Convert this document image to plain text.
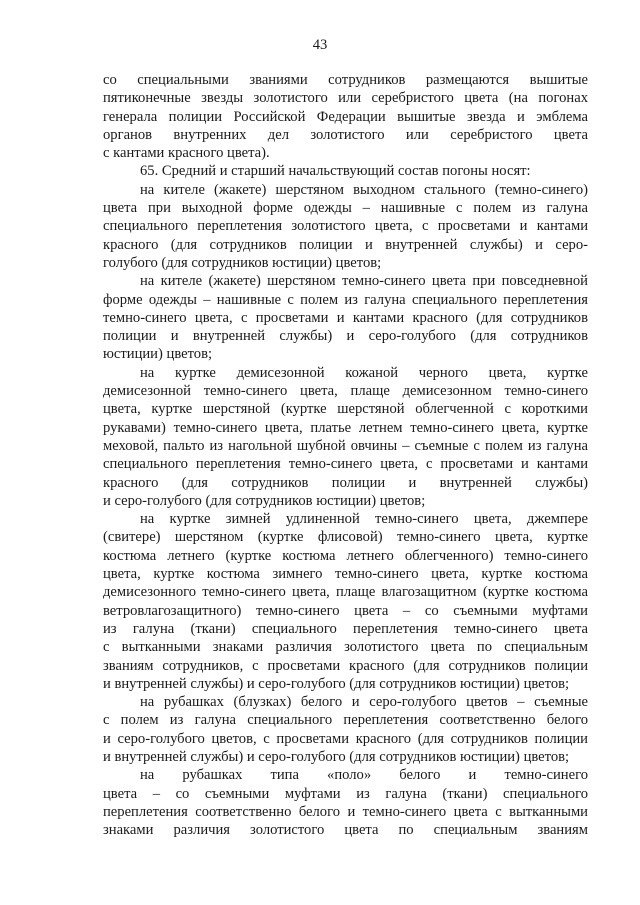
43
со специальными званиями сотрудников размещаются вышитые
пятиконечные звезды золотистого или серебристого цвета (на погонах
генерала полиции Российской Федерации вышитые звезда и эмблема
органов внутренних дел золотистого или серебристого цвета
с кантами красного цвета).
65. Средний и старший начальствующий состав погоны носят:
на кителе (жакете) шерстяном выходном стального (темно-синего)
цвета при выходной форме одежды – нашивные с полем из галуна
специального переплетения золотистого цвета, с просветами и кантами
красного (для сотрудников полиции и внутренней службы) и серо-
голубого (для сотрудников юстиции) цветов;
на кителе (жакете) шерстяном темно-синего цвета при повседневной
форме одежды – нашивные с полем из галуна специального переплетения
темно-синего цвета, с просветами и кантами красного (для сотрудников
полиции и внутренней службы) и серо-голубого (для сотрудников
юстиции) цветов;
на куртке демисезонной кожаной черного цвета, куртке
демисезонной темно-синего цвета, плаще демисезонном темно-синего
цвета, куртке шерстяной (куртке шерстяной облегченной с короткими
рукавами) темно-синего цвета, платье летнем темно-синего цвета, куртке
меховой, пальто из нагольной шубной овчины – съемные с полем из галуна
специального переплетения темно-синего цвета, с просветами и кантами
красного (для сотрудников полиции и внутренней службы)
и серо-голубого (для сотрудников юстиции) цветов;
на куртке зимней удлиненной темно-синего цвета, джемпере
(свитере) шерстяном (куртке флисовой) темно-синего цвета, куртке
костюма летнего (куртке костюма летнего облегченного) темно-синего
цвета, куртке костюма зимнего темно-синего цвета, куртке костюма
демисезонного темно-синего цвета, плаще влагозащитном (куртке костюма
ветровлагозащитного) темно-синего цвета – со съемными муфтами
из галуна (ткани) специального переплетения темно-синего цвета
с вытканными знаками различия золотистого цвета по специальным
званиям сотрудников, с просветами красного (для сотрудников полиции
и внутренней службы) и серо-голубого (для сотрудников юстиции) цветов;
на рубашках (блузках) белого и серо-голубого цветов – съемные
с полем из галуна специального переплетения соответственно белого
и серо-голубого цветов, с просветами красного (для сотрудников полиции
и внутренней службы) и серо-голубого (для сотрудников юстиции) цветов;
на рубашках типа «поло» белого и темно-синего
цвета – со съемными муфтами из галуна (ткани) специального
переплетения соответственно белого и темно-синего цвета с вытканными
знаками различия золотистого цвета по специальным званиям
